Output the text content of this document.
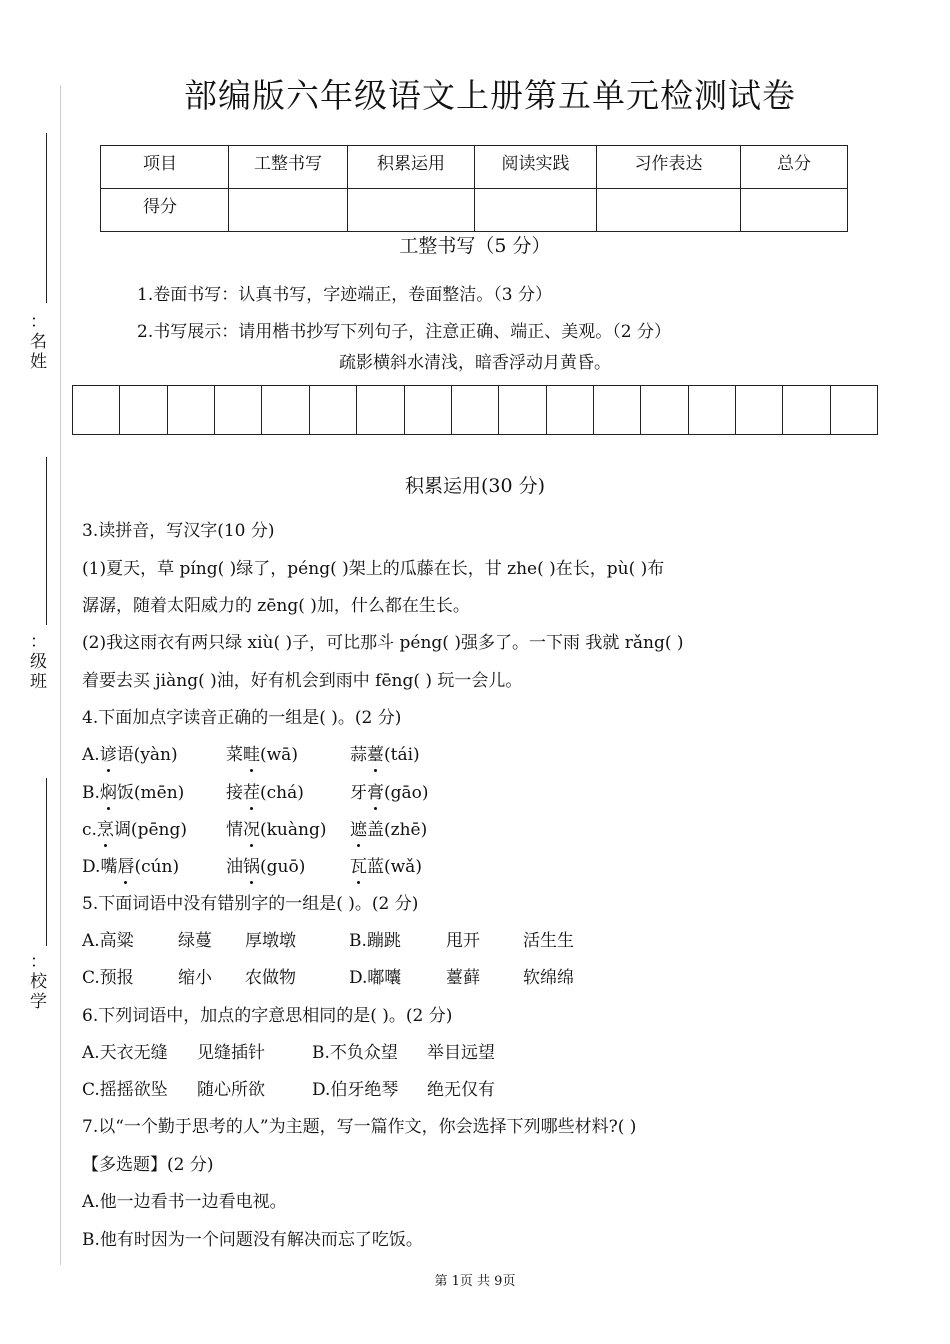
：
名
姓
：
级
班
：
校
学
部编版六年级语文上册第五单元检测试卷
项目	工整书写	积累运用	阅读实践	习作表达	总分
得分					
工整书写（5 分）
1.卷面书写：认真书写，字迹端正，卷面整洁。（3 分）
2.书写展示：请用楷书抄写下列句子，注意正确、端正、美观。（2 分）
疏影横斜水清浅，暗香浮动月黄昏。
积累运用(30 分)
3.读拼音，写汉字(10 分)
(1)夏天，草 píng( )绿了，péng( )架上的瓜藤在长，甘 zhe( )在长，pù( )布
潺潺，随着太阳威力的 zēng( )加，什么都在生长。
(2)我这雨衣有两只绿 xiù( )子，可比那斗 péng( )强多了。一下雨 我就 rǎng( )
着要去买 jiàng( )油，好有机会到雨中 fēng( ) 玩一会儿。
4.下面加点字读音正确的一组是( )。(2 分)
A.谚语(yàn)	菜畦(wā)	蒜薹(tái)
B.焖饭(mēn) 接茬(chá)	牙膏(gāo)
c.烹调(pēng) 情况(kuàng) 遮盖(zhē)
D.嘴唇(cún)	油锅(guō)	瓦蓝(wǎ)
5.下面词语中没有错别字的一组是( )。(2 分)
A.高粱	绿蔓 厚墩墩	B.蹦跳	甩开	活生生
C.预报	缩小 农做物	D.嘟囔	薹藓	软绵绵
6.下列词语中，加点的字意思相同的是( )。(2 分)
A.天衣无缝 见缝插针	B.不负众望 举目远望
C.摇摇欲坠 随心所欲	D.伯牙绝琴 绝无仅有
7.以“一个勤于思考的人”为主题，写一篇作文，你会选择下列哪些材料?( )
【多选题】(2 分)
A.他一边看书一边看电视。
B.他有时因为一个问题没有解决而忘了吃饭。
第 1页 共 9页
